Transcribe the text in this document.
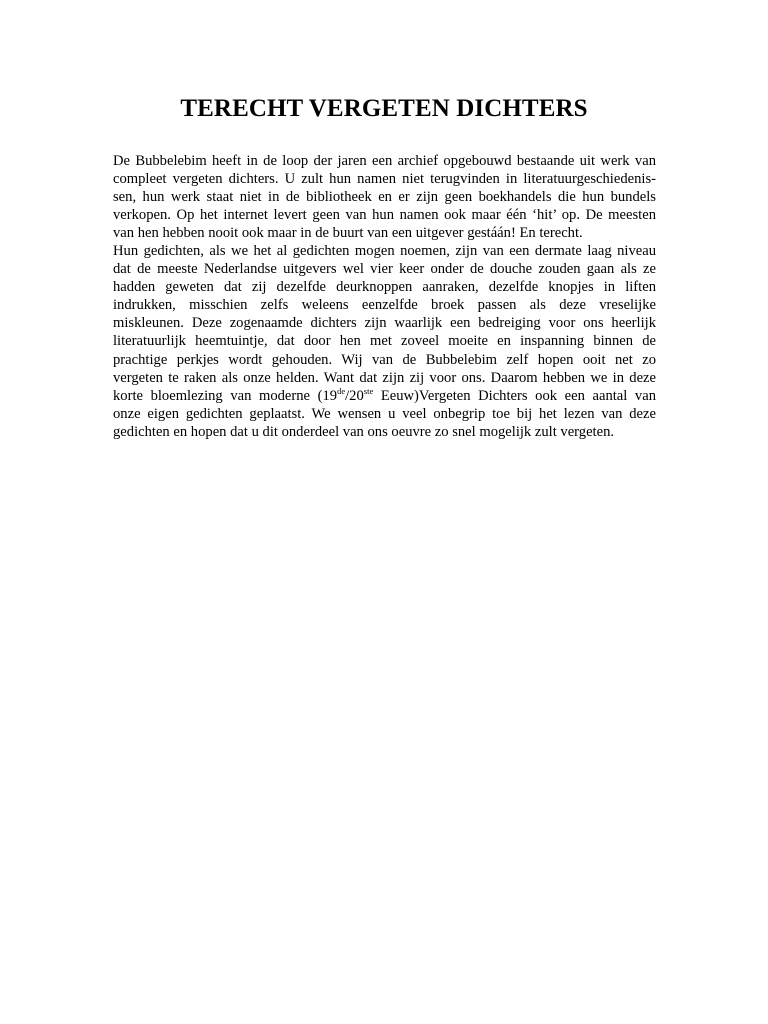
TERECHT VERGETEN DICHTERS

De Bubbelebim heeft in de loop der jaren een archief opgebouwd bestaande uit werk van
compleet vergeten dichters. U zult hun namen niet terugvinden in literatuurgeschiedenis-
sen, hun werk staat niet in de bibliotheek en er zijn geen boekhandels die hun bundels
verkopen. Op het internet levert geen van hun namen ook maar één ‘hit’ op. De meesten
van hen hebben nooit ook maar in de buurt van een uitgever gestáán! En terecht.

Hun gedichten, als we het al gedichten mogen noemen, zijn van een dermate laag niveau
dat de meeste Nederlandse uitgevers wel vier keer onder de douche zouden gaan als ze
hadden geweten dat zij dezelfde deurknoppen aanraken, dezelfde knopjes in liften
indrukken, misschien zelfs weleens eenzelfde broek passen als deze vreselijke
miskleunen. Deze zogenaamde dichters zijn waarlijk een bedreiging voor ons heerlijk
literatuurlijk heemtuintje, dat door hen met zoveel moeite en inspanning binnen de
prachtige perkjes wordt gehouden. Wij van de Bubbelebim zelf hopen ooit net zo
vergeten te raken als onze helden. Want dat zijn zij voor ons. Daarom hebben we in deze
korte bloemlezing van moderne (19de/20ste Eeuw)Vergeten Dichters ook een aantal van
onze eigen gedichten geplaatst. We wensen u veel onbegrip toe bij het lezen van deze
gedichten en hopen dat u dit onderdeel van ons oeuvre zo snel mogelijk zult vergeten.
